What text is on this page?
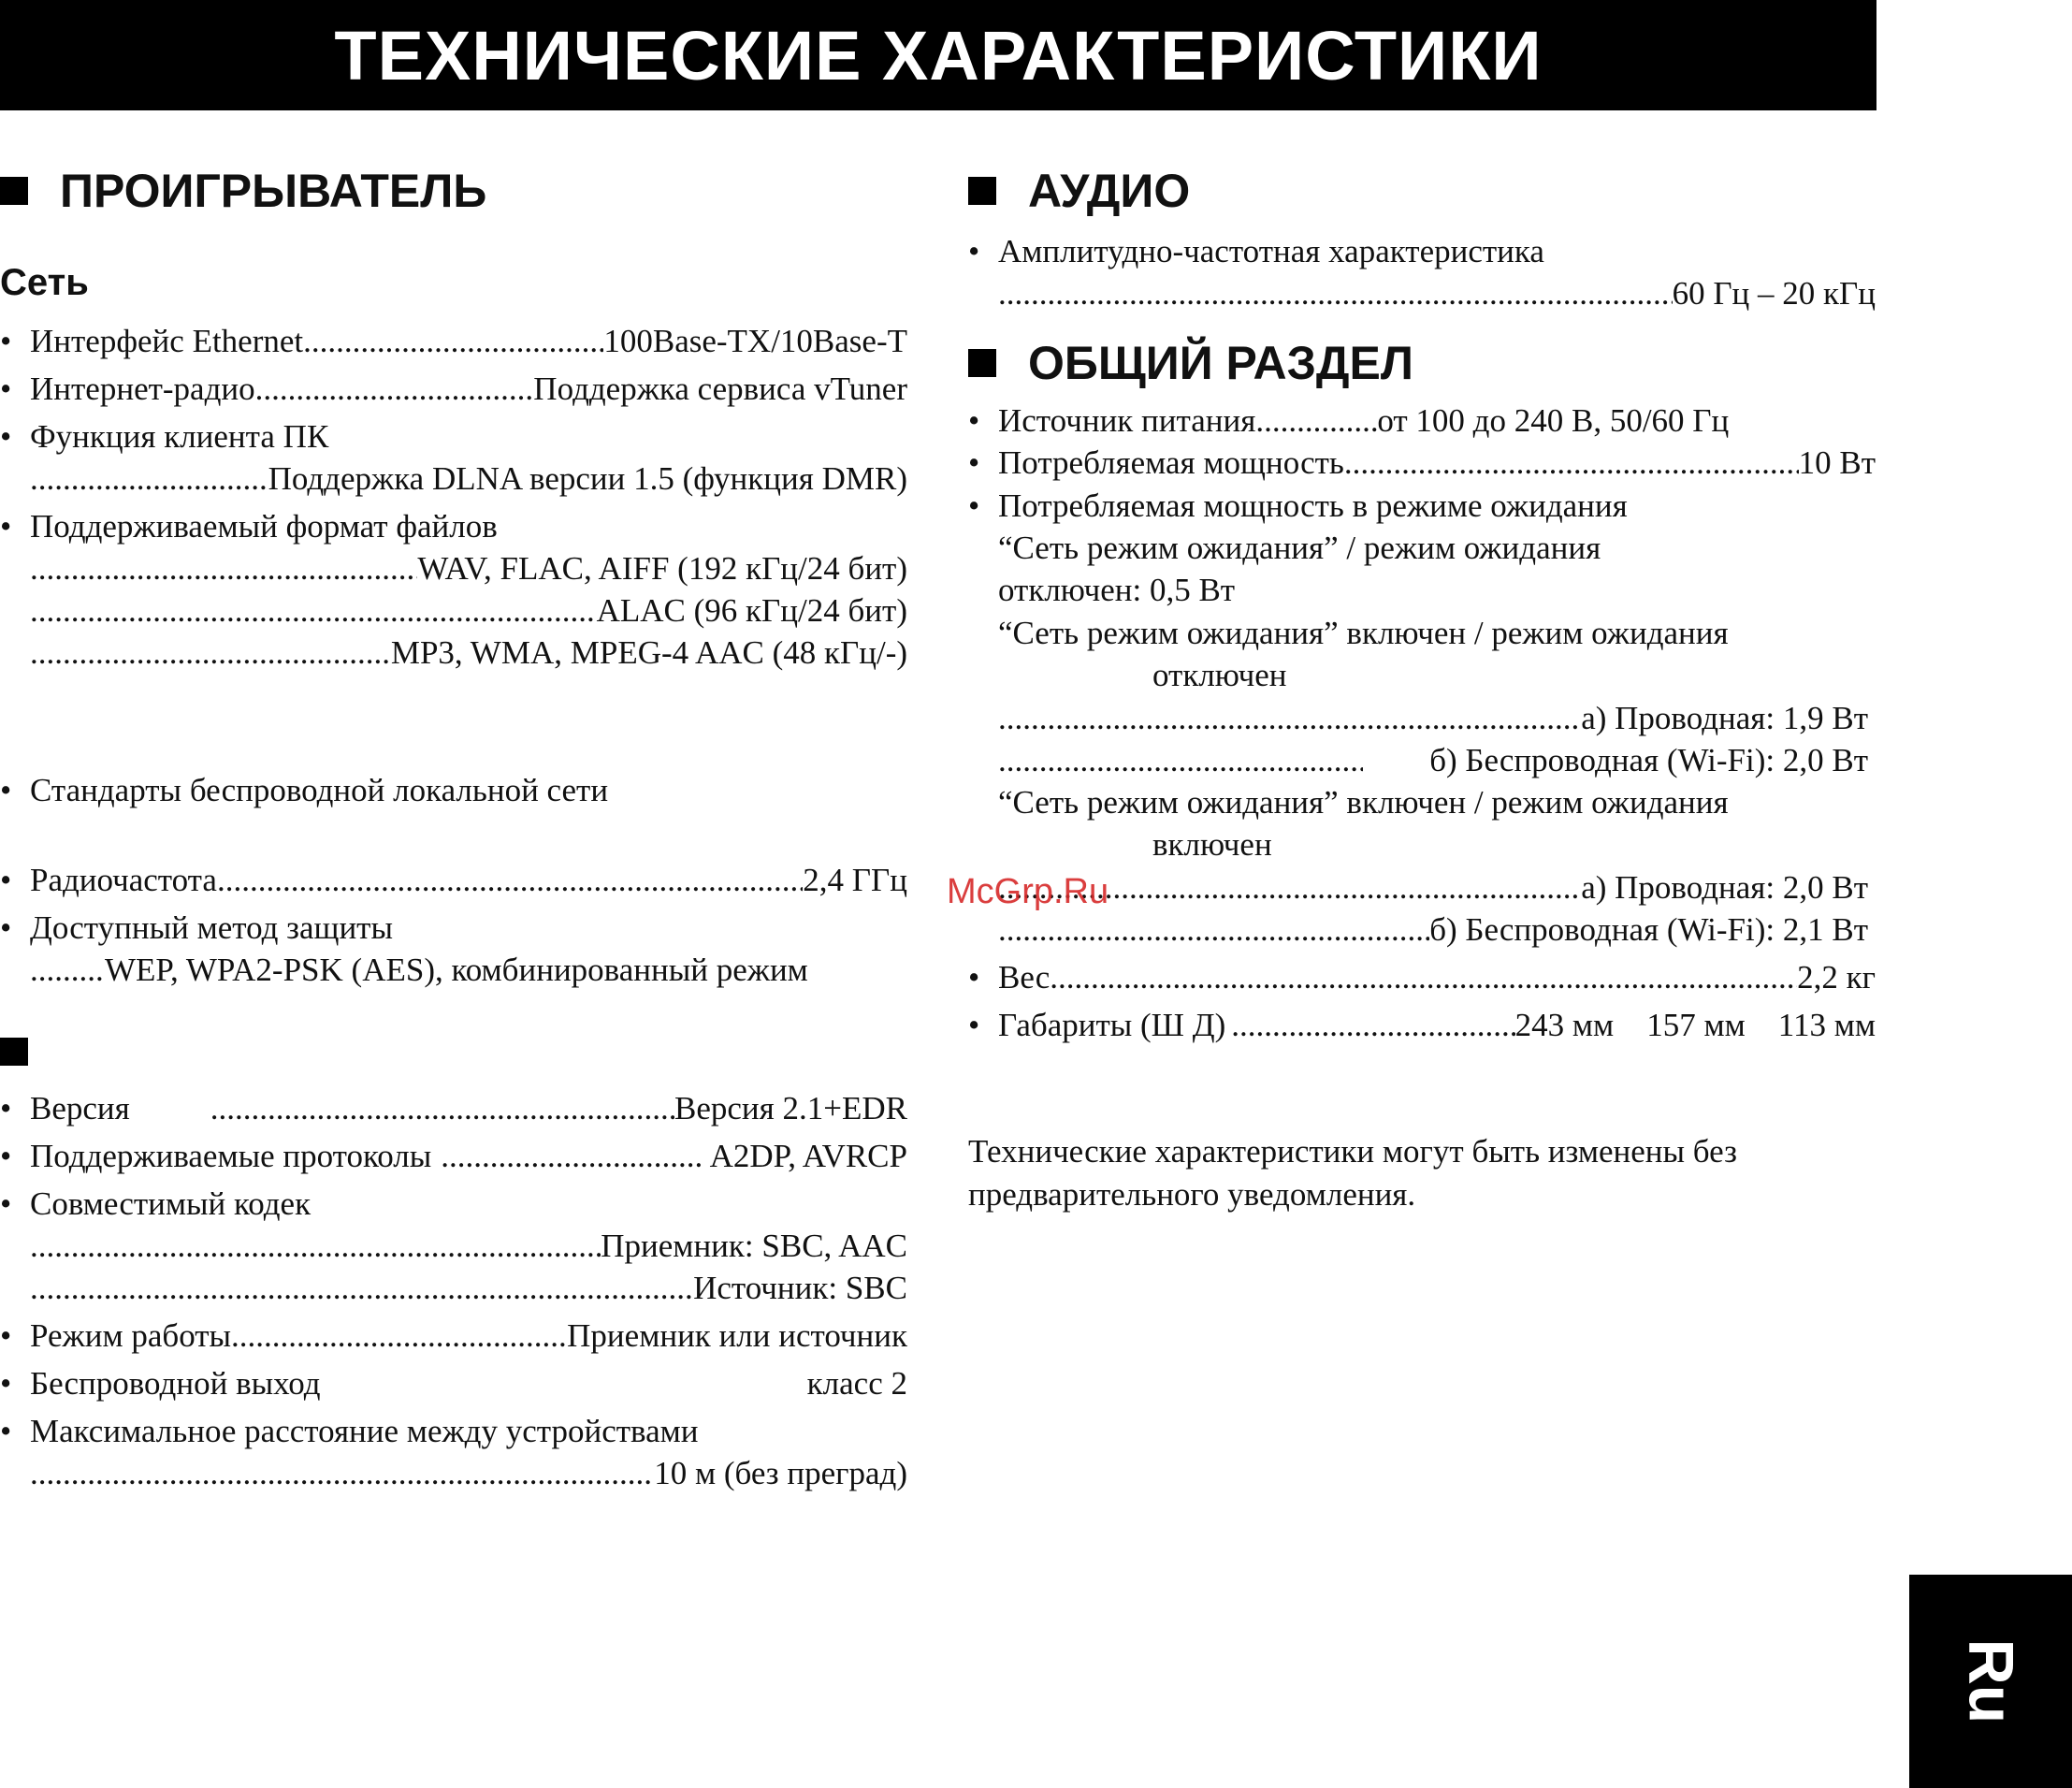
ТЕХНИЧЕСКИЕ ХАРАКТЕРИСТИКИ
ПРОИГРЫВАТЕЛЬ
Сеть
• Интерфейс Ethernet .....	100Base-TX/10Base-T
• Интернет-радио .....	Поддержка сервиса vTuner
• Функция клиента ПК
.....
Поддержка DLNA версии 1.5 (функция DMR)
• Поддерживаемый формат файлов
.....
WAV, FLAC, AIFF (192 кГц/24 бит)
.....
ALAC (96 кГц/24 бит)
.....
MP3, WMA, MPEG-4 AAC (48 кГц/-)
• Стандарты беспроводной локальной сети
• Радиочастота .....	2,4 ГГц
• Доступный метод защиты
.....
WEP, WPA2-PSK (AES), комбинированный режим
• Версия .....	Версия 2.1+EDR
• Поддерживаемые протоколы .....	A2DP, AVRCP
• Совместимый кодек
.....
Приемник: SBC, AAC
.....
Источник: SBC
• Режим работы .....	Приемник или источник
• Беспроводной выход	класс 2
• Максимальное расстояние между устройствами
.....
10 м (без преград)
АУДИО
• Амплитудно-частотная характеристика
.....
60 Гц – 20 кГц
ОБЩИЙ РАЗДЕЛ
• Источник питания .....	от 100 до 240 В, 50/60 Гц
• Потребляемая мощность .....	10 Вт
• Потребляемая мощность в режиме ожидания
“Сеть режим ожидания” / режим ожидания
отключен: 0,5 Вт
“Сеть режим ожидания” включен / режим ожидания
отключен
.....
а) Проводная: 1,9 Вт
.....
б) Беспроводная (Wi-Fi): 2,0 Вт
“Сеть режим ожидания” включен / режим ожидания
включен
.....
а) Проводная: 2,0 Вт
.....
б) Беспроводная (Wi-Fi): 2,1 Вт
• Вес .....	2,2 кг
• Габариты (Ш Д) .....	243 мм    157 мм    113 мм
Технические характеристики могут быть изменены без предварительного уведомления.
McGrp.Ru
Ru
